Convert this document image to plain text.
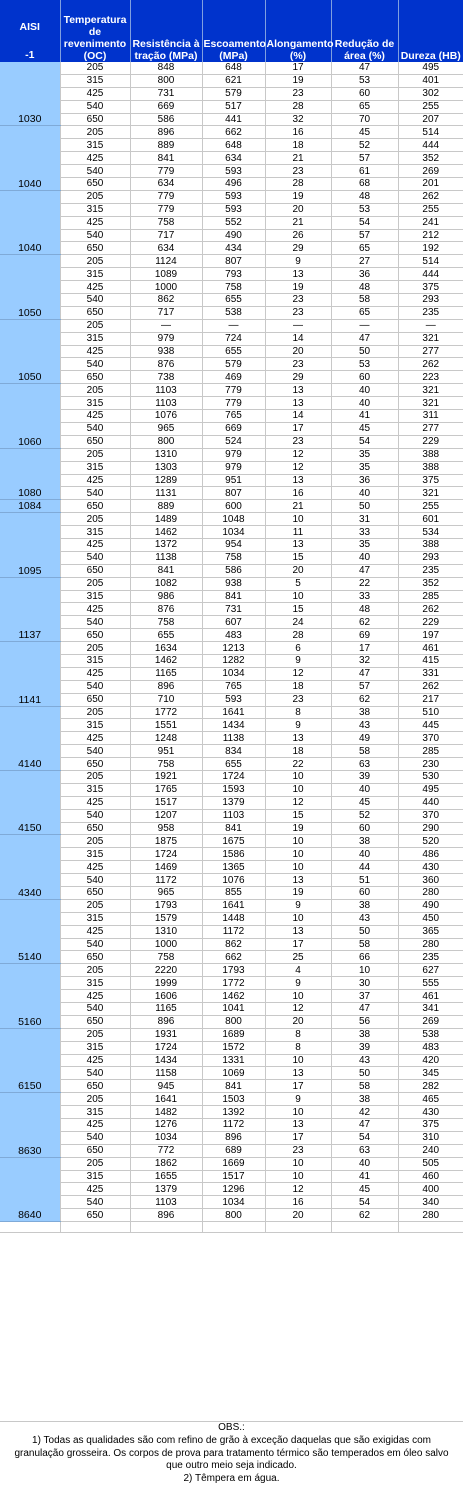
AISI	Temperatura de revenimento (OC)	Resistência à tração (MPa)	Escoamento (MPa)	Alongamento (%)	Redução de área (%)	Dureza (HB)
-1						
1030	205	848	648	17	47	495
	315	800	621	19	53	401
	425	731	579	23	60	302
	540	669	517	28	65	255
	650	586	441	32	70	207
1040	205	896	662	16	45	514
	315	889	648	18	52	444
	425	841	634	21	57	352
	540	779	593	23	61	269
	650	634	496	28	68	201
1040	205	779	593	19	48	262
	315	779	593	20	53	255
	425	758	552	21	54	241
	540	717	490	26	57	212
	650	634	434	29	65	192
1050	205	1124	807	9	27	514
	315	1089	793	13	36	444
	425	1000	758	19	48	375
	540	862	655	23	58	293
	650	717	538	23	65	235
1050	205	—	—	—	—	—
	315	979	724	14	47	321
	425	938	655	20	50	277
	540	876	579	23	53	262
	650	738	469	29	60	223
1060	205	1103	779	13	40	321
	315	1103	779	13	40	321
	425	1076	765	14	41	311
	540	965	669	17	45	277
	650	800	524	23	54	229
1080	205	1310	979	12	35	388
	315	1303	979	12	35	388
	425	1289	951	13	36	375
	540	1131	807	16	40	321
1084	650	889	600	21	50	255
1095	205	1489	1048	10	31	601
	315	1462	1034	11	33	534
	425	1372	954	13	35	388
	540	1138	758	15	40	293
	650	841	586	20	47	235
1137	205	1082	938	5	22	352
	315	986	841	10	33	285
	425	876	731	15	48	262
	540	758	607	24	62	229
	650	655	483	28	69	197
1141	205	1634	1213	6	17	461
	315	1462	1282	9	32	415
	425	1165	1034	12	47	331
	540	896	765	18	57	262
	650	710	593	23	62	217
4140	205	1772	1641	8	38	510
	315	1551	1434	9	43	445
	425	1248	1138	13	49	370
	540	951	834	18	58	285
	650	758	655	22	63	230
4150	205	1921	1724	10	39	530
	315	1765	1593	10	40	495
	425	1517	1379	12	45	440
	540	1207	1103	15	52	370
	650	958	841	19	60	290
4340	205	1875	1675	10	38	520
	315	1724	1586	10	40	486
	425	1469	1365	10	44	430
	540	1172	1076	13	51	360
	650	965	855	19	60	280
5140	205	1793	1641	9	38	490
	315	1579	1448	10	43	450
	425	1310	1172	13	50	365
	540	1000	862	17	58	280
	650	758	662	25	66	235
5160	205	2220	1793	4	10	627
	315	1999	1772	9	30	555
	425	1606	1462	10	37	461
	540	1165	1041	12	47	341
	650	896	800	20	56	269
6150	205	1931	1689	8	38	538
	315	1724	1572	8	39	483
	425	1434	1331	10	43	420
	540	1158	1069	13	50	345
	650	945	841	17	58	282
8630	205	1641	1503	9	38	465
	315	1482	1392	10	42	430
	425	1276	1172	13	47	375
	540	1034	896	17	54	310
	650	772	689	23	63	240
8640	205	1862	1669	10	40	505
	315	1655	1517	10	41	460
	425	1379	1296	12	45	400
	540	1103	1034	16	54	340
	650	896	800	20	62	280

OBS.:
1) Todas as qualidades são com refino de grão à exceção daquelas que são exigidas com granulação grosseira. Os corpos de prova para tratamento térmico são temperados em óleo salvo que outro meio seja indicado.
2) Têmpera em água.
